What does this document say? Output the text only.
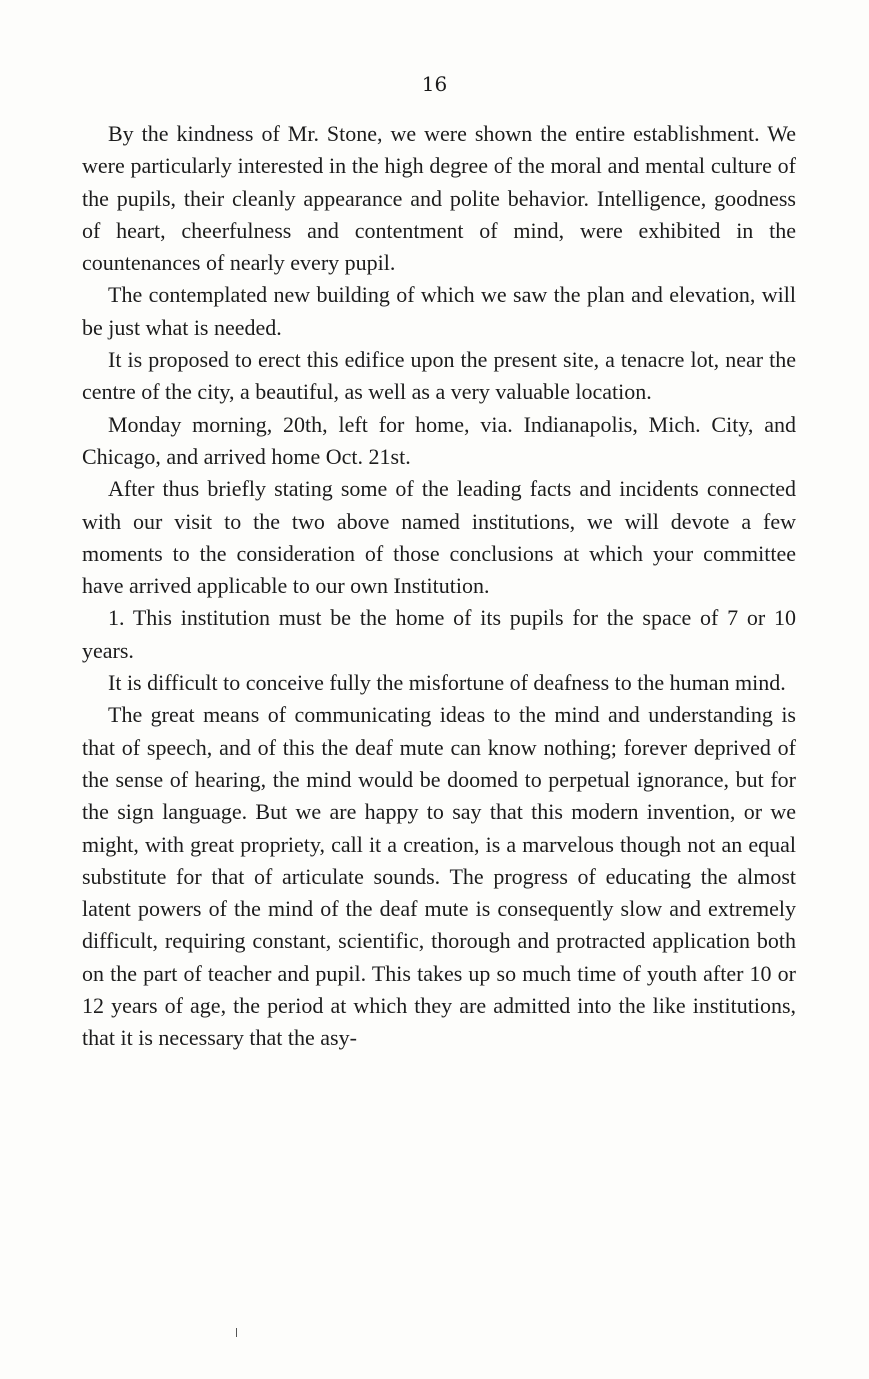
16

By the kindness of Mr. Stone, we were shown the entire establishment. We were particularly interested in the high degree of the moral and mental culture of the pupils, their cleanly appearance and polite behavior. Intelligence, goodness of heart, cheerfulness and contentment of mind, were exhibited in the countenances of nearly every pupil.

The contemplated new building of which we saw the plan and elevation, will be just what is needed.

It is proposed to erect this edifice upon the present site, a tenacre lot, near the centre of the city, a beautiful, as well as a very valuable location.

Monday morning, 20th, left for home, via. Indianapolis, Mich. City, and Chicago, and arrived home Oct. 21st.

After thus briefly stating some of the leading facts and incidents connected with our visit to the two above named institutions, we will devote a few moments to the consideration of those conclusions at which your committee have arrived applicable to our own Institution.

1. This institution must be the home of its pupils for the space of 7 or 10 years.

It is difficult to conceive fully the misfortune of deafness to the human mind.

The great means of communicating ideas to the mind and understanding is that of speech, and of this the deaf mute can know nothing; forever deprived of the sense of hearing, the mind would be doomed to perpetual ignorance, but for the sign language. But we are happy to say that this modern invention, or we might, with great propriety, call it a creation, is a marvelous though not an equal substitute for that of articulate sounds. The progress of educating the almost latent powers of the mind of the deaf mute is consequently slow and extremely difficult, requiring constant, scientific, thorough and protracted application both on the part of teacher and pupil. This takes up so much time of youth after 10 or 12 years of age, the period at which they are admitted into the like institutions, that it is necessary that the asy-
